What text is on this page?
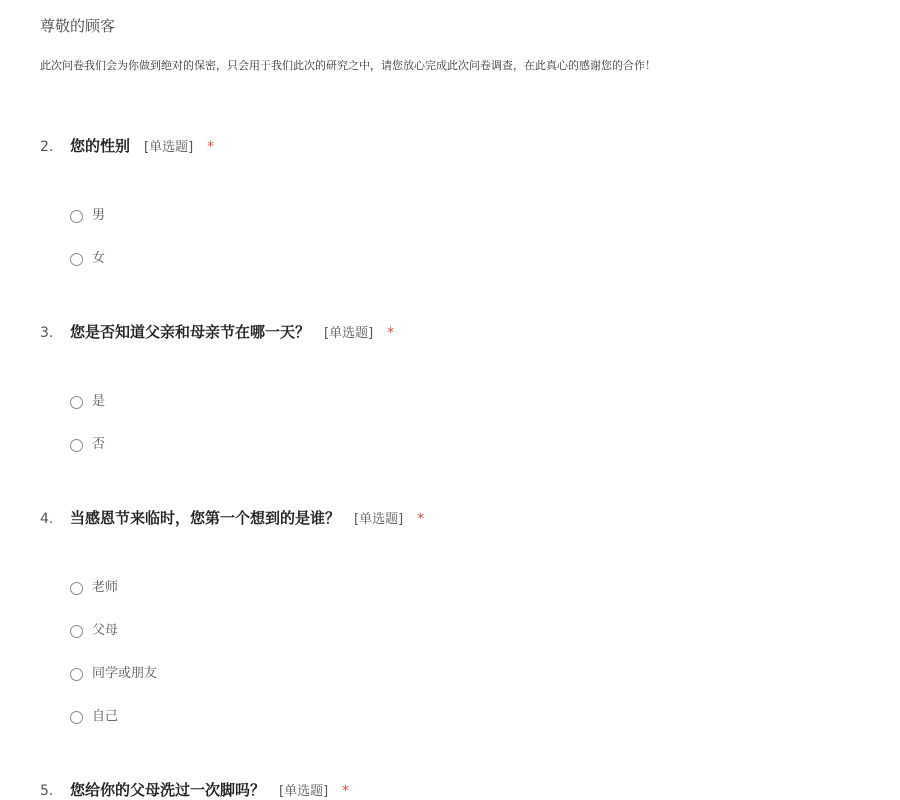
尊敬的顾客
此次问卷我们会为你做到绝对的保密，只会用于我们此次的研究之中，请您放心完成此次问卷调查，在此真心的感谢您的合作！
2. 您的性别 [单选题] *
男
女
3. 您是否知道父亲和母亲节在哪一天？ [单选题] *
是
否
4. 当感恩节来临时，您第一个想到的是谁？ [单选题] *
老师
父母
同学或朋友
自己
5. 您给你的父母洗过一次脚吗？ [单选题] *
